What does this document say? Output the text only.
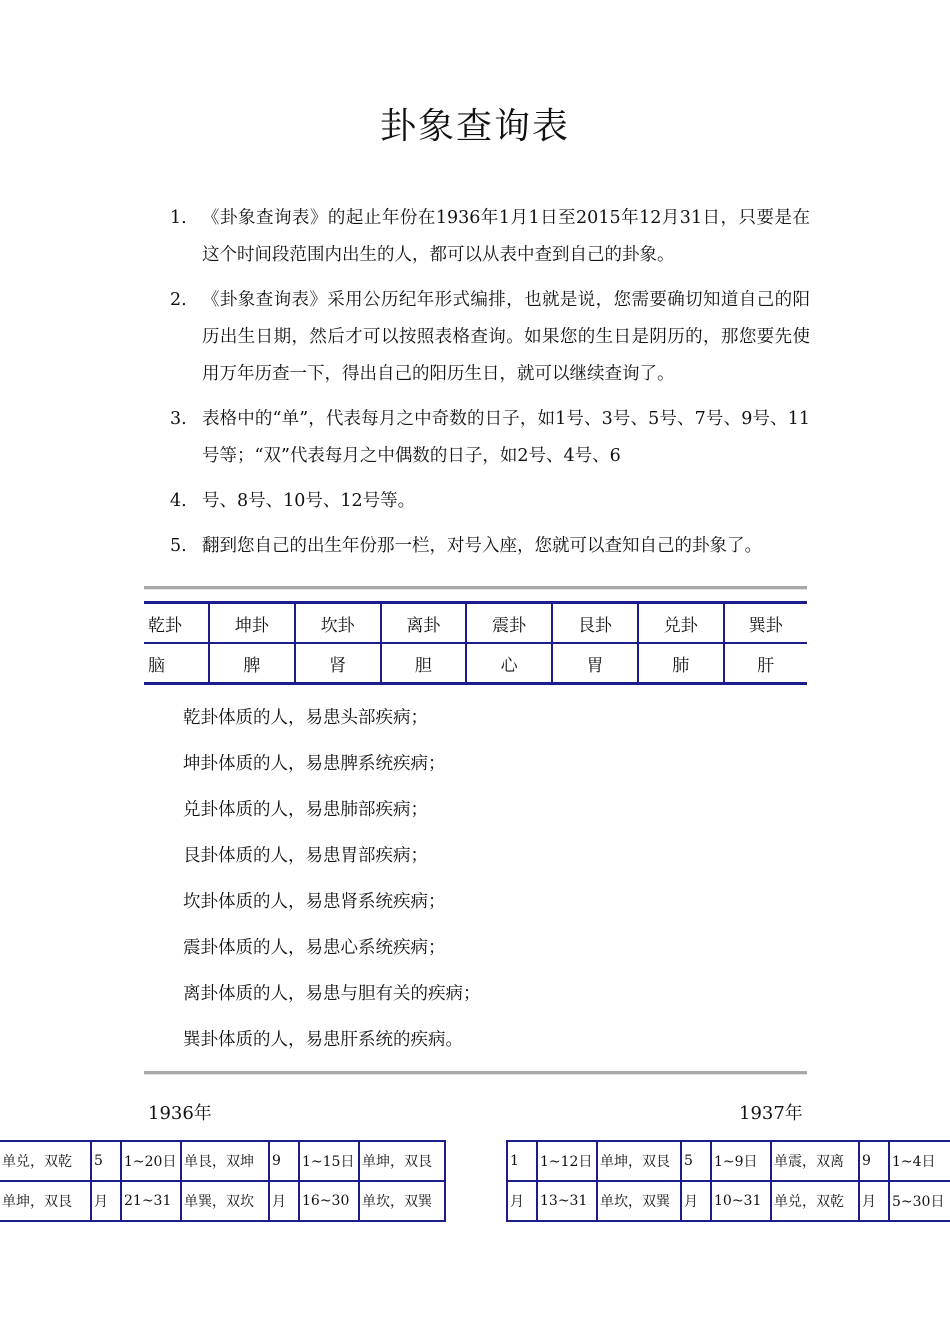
卦象查询表
1. 《卦象查询表》的起止年份在1936年1月1日至2015年12月31日，只要是在这个时间段范围内出生的人，都可以从表中查到自己的卦象。
2. 《卦象查询表》采用公历纪年形式编排，也就是说，您需要确切知道自己的阳历出生日期，然后才可以按照表格查询。如果您的生日是阴历的，那您要先使用万年历查一下，得出自己的阳历生日，就可以继续查询了。
3. 表格中的“单”，代表每月之中奇数的日子，如1号、3号、5号、7号、9号、11号等；“双”代表每月之中偶数的日子，如2号、4号、6
4. 号、8号、10号、12号等。
5. 翻到您自己的出生年份那一栏，对号入座，您就可以查知自己的卦象了。
乾卦	坤卦	坎卦	离卦	震卦	艮卦	兑卦	巽卦
脑	脾	肾	胆	心	胃	肺	肝
乾卦体质的人，易患头部疾病；
坤卦体质的人，易患脾系统疾病；
兑卦体质的人，易患肺部疾病；
艮卦体质的人，易患胃部疾病；
坎卦体质的人，易患肾系统疾病；
震卦体质的人，易患心系统疾病；
离卦体质的人，易患与胆有关的疾病；
巽卦体质的人，易患肝系统的疾病。
1936年	1937年
单兑，双乾	5	1~20日	单艮，双坤	9	1~15日	单坤，双艮
单坤，双艮	月	21~31	单巽，双坎	月	16~30	单坎，双巽
1	1~12日	单坤，双艮	5	1~9日	单震，双离	9	1~4日
月	13~31	单坎，双巽	月	10~31	单兑，双乾	月	5~30日
